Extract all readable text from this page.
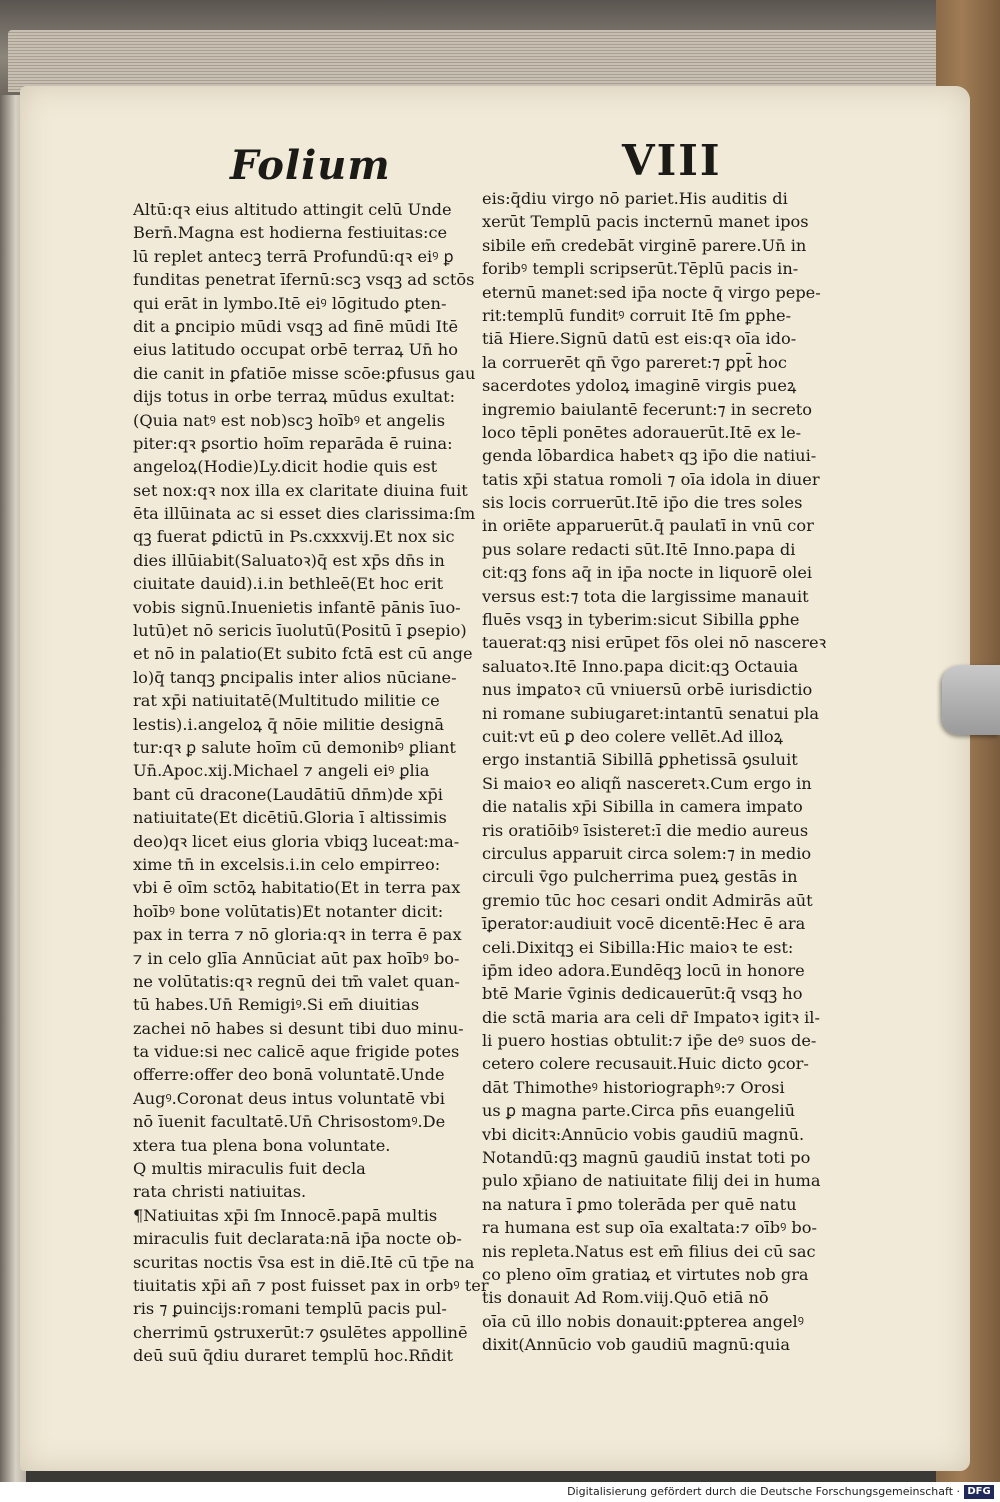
Folium	VIII
Altū:qꝛ eius altitudo attingit celū Unde
Bern̄.Magna est hodierna festiuitas:ce
lū replet antecꝫ terrā Profundū:qꝛ eiꝰ ꝑ
funditas penetrat īfernū:scꝫ vsqꝫ ad sctōs
qui erāt in lymbo.Itē eiꝰ lōgitudo ꝑten-
dit a ꝑncipio mūdi vsqꝫ ad finē mūdi Itē
eius latitudo occupat orbē terraꝝ Un̄ ho
die canit in ꝑfatiōe misse scōe:ꝑfusus gau
dijs totus in orbe terraꝝ mūdus exultat:
(Quia natꝰ est nob)scꝫ hoībꝰ et angelis
piter:qꝛ ꝑsortio hoīm reparāda ē ruina:
angeloꝝ(Hodie)Ly.dicit hodie quis est
set nox:qꝛ nox illa ex claritate diuina fuit
ēta illūinata ac si esset dies clarissima:ſm
qꝫ fuerat ꝑdictū in Ps.cxxxvij.Et nox sic
dies illūiabit(Saluatoꝛ)q̄ est xp̄s dn̄s in
ciuitate dauid).i.in bethleē(Et hoc erit
vobis signū.Inuenietis infantē pānis īuo-
lutū)et nō sericis īuolutū(Positū ī ꝑsepio)
et nō in palatio(Et subito fctā est cū ange
lo)q̄ tanqꝫ ꝑncipalis inter alios nūciane-
rat xp̄i natiuitatē(Multitudo militie ce
lestis).i.angeloꝝ q̄ nōie militie designā
tur:qꝛ ꝑ salute hoīm cū demonibꝰ ꝑliant
Un̄.Apoc.xij.Michael ⁊ angeli eiꝰ ꝑlia
bant cū dracone(Laudātiū dn̄m)de xp̄i
natiuitate(Et dicētiū.Gloria ī altissimis
deo)qꝛ licet eius gloria vbiqꝫ luceat:ma-
xime tn̄ in excelsis.i.in celo empirreo:
vbi ē oīm sctōꝝ habitatio(Et in terra pax
hoībꝰ bone volūtatis)Et notanter dicit:
pax in terra ⁊ nō gloria:qꝛ in terra ē pax
⁊ in celo glīa Annūciat aūt pax hoībꝰ bo-
ne volūtatis:qꝛ regnū dei tm̄ valet quan-
tū habes.Un̄ Remigiꝰ.Si em̄ diuitias
zachei nō habes si desunt tibi duo minu-
ta vidue:si nec calicē aque frigide potes
offerre:offer deo bonā voluntatē.Unde
Augꝰ.Coronat deus intus voluntatē vbi
nō īuenit facultatē.Un̄ Chrisostomꝰ.De
xtera tua plena bona voluntate.
Q multis miraculis fuit decla
rata christi natiuitas.
¶Natiuitas xp̄i ſm Innocē.papā multis
miraculis fuit declarata:nā ip̄a nocte ob-
scuritas noctis v̄sa est in diē.Itē cū tp̄e na
tiuitatis xp̄i an̄ ⁊ post fuisset pax in orbꝰ ter
ris ⁊ ꝑuincijs:romani templū pacis pul-
cherrimū ꝯstruxerūt:⁊ ꝯsulētes appollinē
deū suū q̄diu duraret templū hoc.Rn̄dit
eis:q̄diu virgo nō pariet.His auditis di
xerūt Templū pacis incternū manet ipos
sibile em̄ credebāt virginē parere.Un̄ in
foribꝰ templi scripserūt.Tēplū pacis in-
eternū manet:sed ip̄a nocte q̄ virgo pepe-
rit:templū funditꝰ corruit Itē ſm ꝑphe-
tiā Hiere.Signū datū est eis:qꝛ oīa ido-
la corruerēt qn̄ v̄go pareret:⁊ ꝑpt̄ hoc
sacerdotes ydoloꝝ imaginē virgis pueꝝ
ingremio baiulantē fecerunt:⁊ in secreto
loco tēpli ponētes adorauerūt.Itē ex le-
genda lōbardica habetꝛ qꝫ ip̄o die natiui-
tatis xp̄i statua romoli ⁊ oīa idola in diuer
sis locis corruerūt.Itē ip̄o die tres soles
in oriēte apparuerūt.q̄ paulatī in vnū cor
pus solare redacti sūt.Itē Inno.papa di
cit:qꝫ fons aq̄ in ip̄a nocte in liquorē olei
versus est:⁊ tota die largissime manauit
fluēs vsqꝫ in tyberim:sicut Sibilla ꝑphe
tauerat:qꝫ nisi erūpet fōs olei nō nascereꝛ
saluatoꝛ.Itē Inno.papa dicit:qꝫ Octauia
nus imꝑatoꝛ cū vniuersū orbē iurisdictio
ni romane subiugaret:intantū senatui pla
cuit:vt eū ꝑ deo colere vellēt.Ad illoꝝ
ergo instantiā Sibillā ꝑphetissā ꝯsuluit
Si maioꝛ eo aliqñ nasceretꝛ.Cum ergo in
die natalis xp̄i Sibilla in camera impato
ris oratiōibꝰ īsisteret:ī die medio aureus
circulus apparuit circa solem:⁊ in medio
circuli v̄go pulcherrima pueꝝ gestās in
gremio tūc hoc cesari ondit Admirās aūt
īꝑerator:audiuit vocē dicentē:Hec ē ara
celi.Dixitqꝫ ei Sibilla:Hic maioꝛ te est:
ip̄m ideo adora.Eundēqꝫ locū in honore
btē Marie v̄ginis dedicauerūt:q̄ vsqꝫ ho
die sctā maria ara celi dr̄ Impatoꝛ igitꝛ il-
li puero hostias obtulit:⁊ ip̄e deꝰ suos de-
cetero colere recusauit.Huic dicto ꝯcor-
dāt Thimotheꝰ historiographꝰ:⁊ Orosi
us ꝑ magna parte.Circa pn̄s euangeliū
vbi dicitꝛ:Annūcio vobis gaudiū magnū.
Notandū:qꝫ magnū gaudiū instat toti po
pulo xp̄iano de natiuitate filij dei in huma
na natura ī ꝑmo tolerāda per quē natu
ra humana est sup oīa exaltata:⁊ oībꝰ bo-
nis repleta.Natus est em̄ filius dei cū sac
co pleno oīm gratiaꝝ et virtutes nob gra
tis donauit Ad Rom.viij.Quō etiā nō
oīa cū illo nobis donauit:ꝑpterea angelꝰ
dixit(Annūcio vob gaudiū magnū:quia
Digitalisierung gefördert durch die Deutsche Forschungsgemeinschaft · DFG
